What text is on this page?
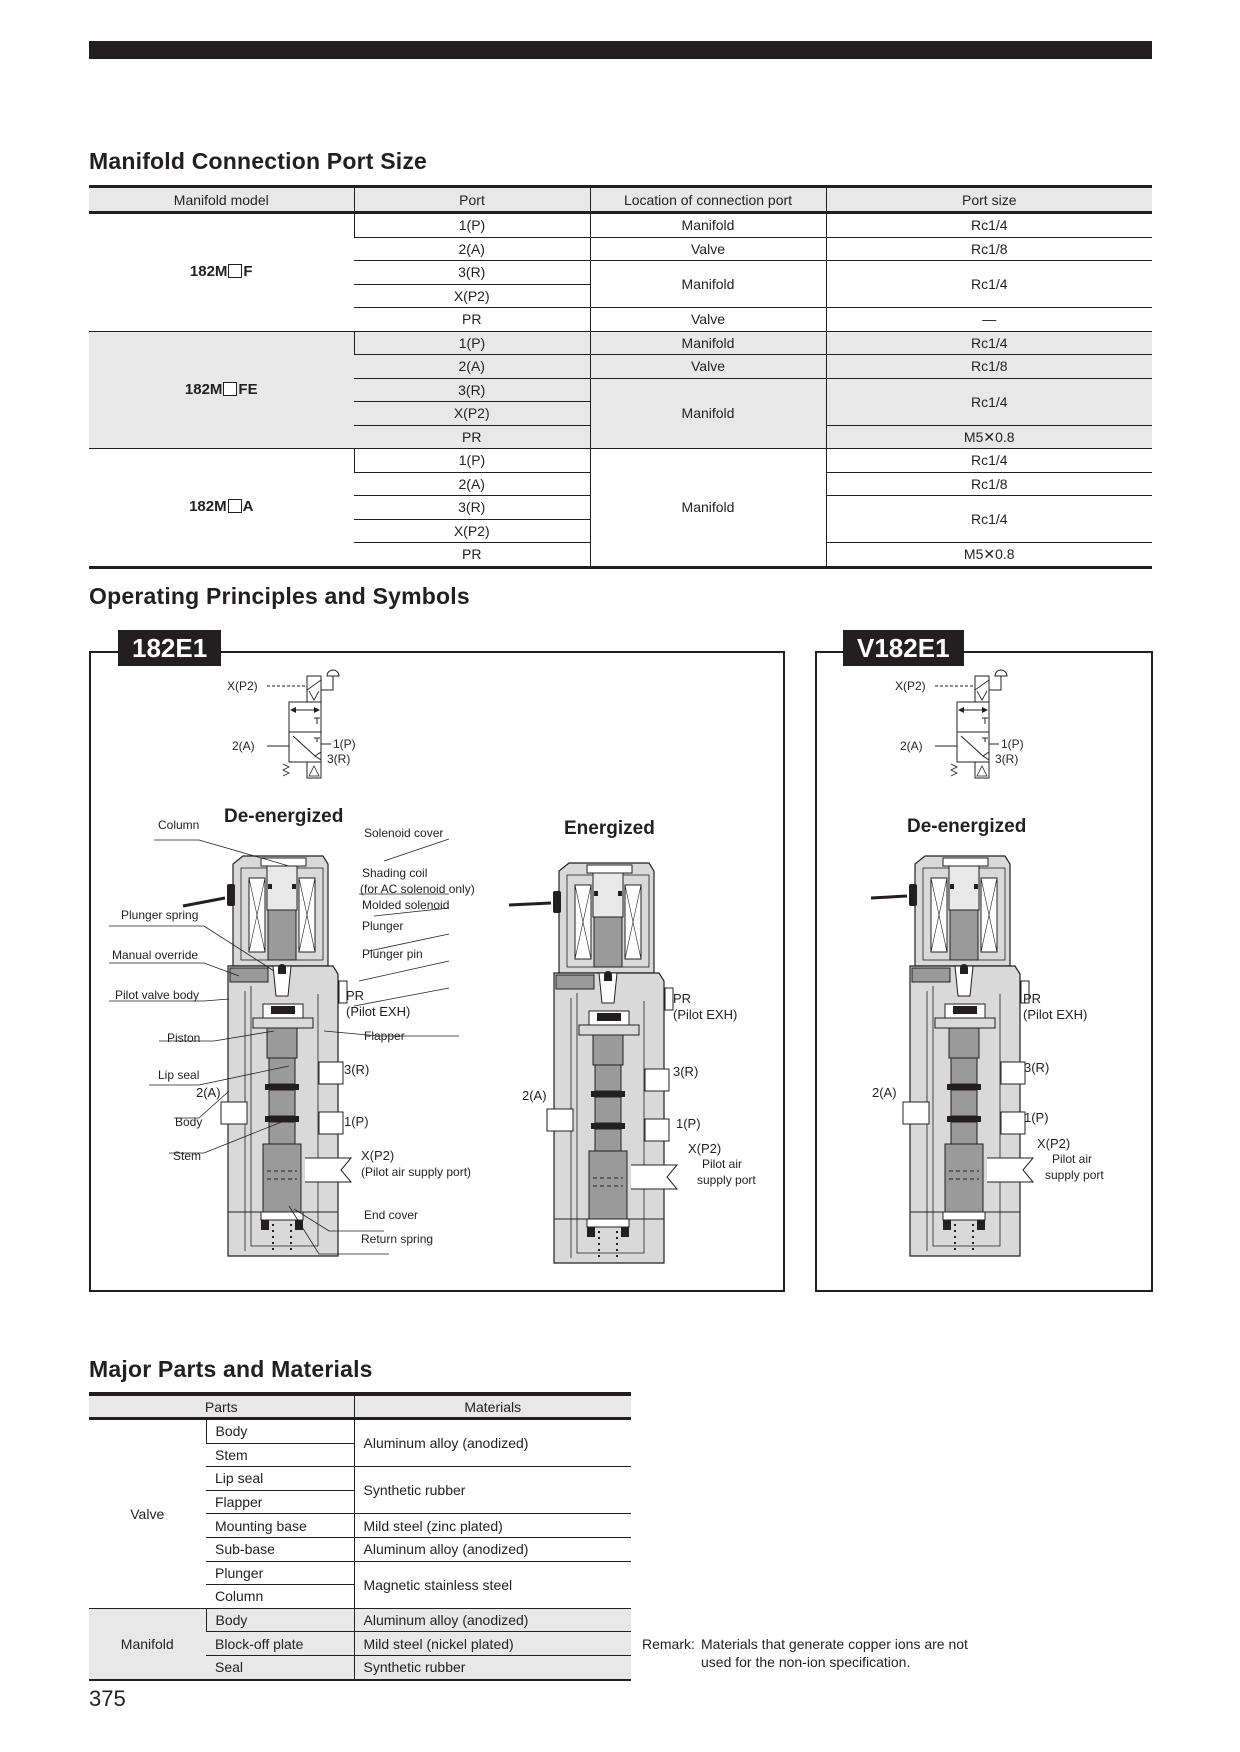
Manifold Connection Port Size
Manifold model	Port	Location of connection port	Port size
182M F	1(P)	Manifold	Rc1/4
	2(A)	Valve	Rc1/8
	3(R)	Manifold	Rc1/4
	X(P2)		
	PR	Valve	—
182M FE	1(P)	Manifold	Rc1/4
	2(A)	Valve	Rc1/8
	3(R)	Manifold	Rc1/4
	X(P2)		
	PR		M5✕0.8
182M A	1(P)	Manifold	Rc1/4
	2(A)		Rc1/8
	3(R)		Rc1/4
	X(P2)		
	PR		M5✕0.8
Operating Principles and Symbols
182E1
X(P2)
2(A)	1(P)
3(R)
De-energized
Energized
Column
Solenoid cover
Shading coil
(for AC solenoid only)
Molded solenoid
Plunger
Plunger spring
Manual override	Plunger pin
Pilot valve body	PR
(Pilot EXH)
Flapper
Piston
Lip seal	3(R)
2(A)
Body	1(P)
Stem	X(P2)
(Pilot air supply port)
End cover
Return spring
PR
(Pilot EXH)
3(R)
2(A)
1(P)
X(P2)
Pilot air
supply port
V182E1
X(P2)
2(A)	1(P)
3(R)
De-energized
PR
(Pilot EXH)
3(R)
2(A)
1(P)
X(P2)
Pilot air
supply port
Major Parts and Materials
Parts		Materials
Valve	Body	Aluminum alloy (anodized)
	Stem	
	Lip seal	Synthetic rubber
	Flapper	
	Mounting base	Mild steel (zinc plated)
	Sub-base	Aluminum alloy (anodized)
	Plunger	Magnetic stainless steel
	Column	
Manifold	Body	Aluminum alloy (anodized)
	Block-off plate	Mild steel (nickel plated)
	Seal	Synthetic rubber
Remark: Materials that generate copper ions are not
used for the non-ion specification.
375
